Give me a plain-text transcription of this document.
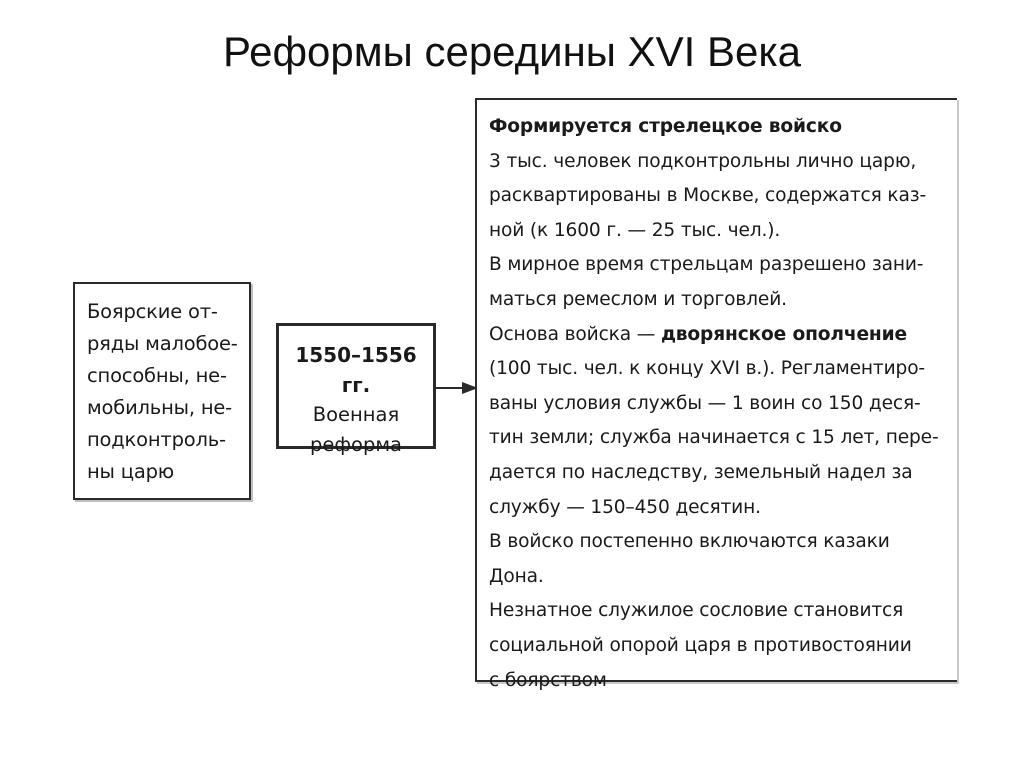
Реформы середины XVI Века
Боярские от-
ряды малобое-
способны, не-
мобильны, не-
подконтроль-
ны царю
1550–1556 гг.
Военная
реформа
Формируется стрелецкое войско
3 тыс. человек подконтрольны лично царю,
расквартированы в Москве, содержатся каз-
ной (к 1600 г. — 25 тыс. чел.).
В мирное время стрельцам разрешено зани-
маться ремеслом и торговлей.
Основа войска — дворянское ополчение
(100 тыс. чел. к концу XVI в.). Регламентиро-
ваны условия службы — 1 воин со 150 деся-
тин земли; служба начинается с 15 лет, пере-
дается по наследству, земельный надел за
службу — 150–450 десятин.
В войско постепенно включаются казаки
Дона.
Незнатное служилое сословие становится
социальной опорой царя в противостоянии
с боярством
